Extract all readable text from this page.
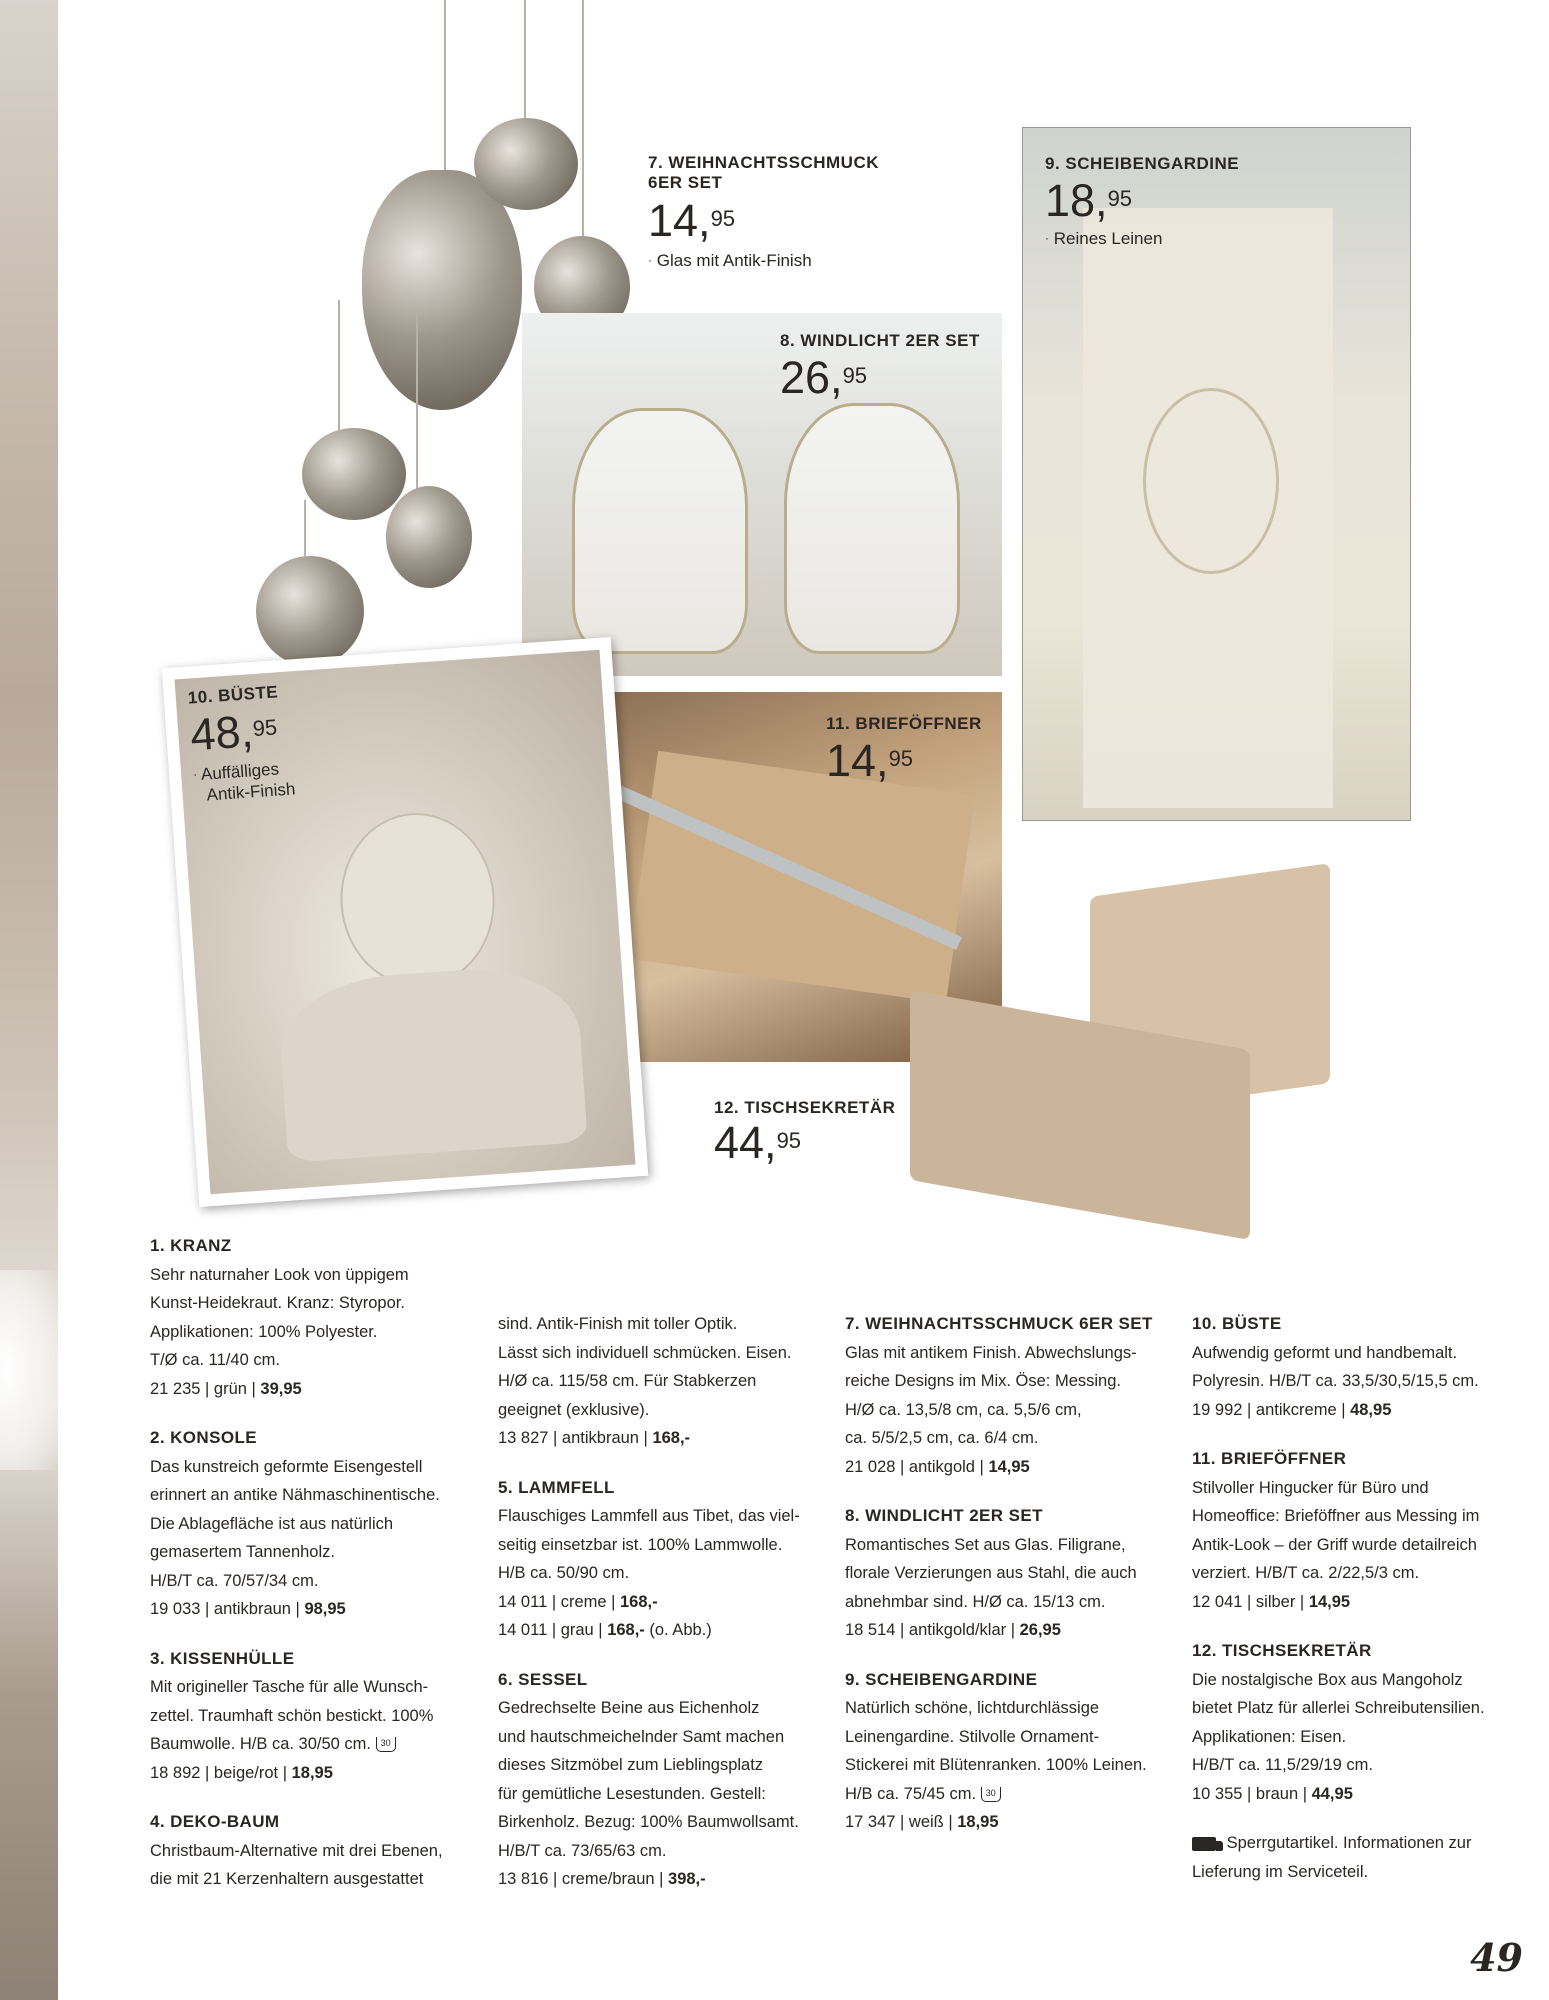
7. WEIHNACHTSSCHMUCK
6ER SET
14,95
· Glas mit Antik-Finish
8. WINDLICHT 2ER SET
26,95
9. SCHEIBENGARDINE
18,95
· Reines Leinen
11. BRIEFÖFFNER
14,95
10. BÜSTE
48,95
· Auffälliges
Antik-Finish
12. TISCHSEKRETÄR
44,95

1. KRANZ

Sehr naturnaher Look von üppigem

Kunst-Heidekraut. Kranz: Styropor.

Applikationen: 100% Polyester.

T/Ø ca. 11/40 cm.

21 235 | grün | 39,95

2. KONSOLE

Das kunstreich geformte Eisengestell

erinnert an antike Nähmaschinentische.

Die Ablagefläche ist aus natürlich

gemasertem Tannenholz.

H/B/T ca. 70/57/34 cm.

19 033 | antikbraun | 98,95

3. KISSENHÜLLE

Mit origineller Tasche für alle Wunsch-

zettel. Traumhaft schön bestickt. 100%

Baumwolle. H/B ca. 30/50 cm. 30

18 892 | beige/rot | 18,95

4. DEKO-BAUM

Christbaum-Alternative mit drei Ebenen,

die mit 21 Kerzenhaltern ausgestattet

sind. Antik-Finish mit toller Optik.

Lässt sich individuell schmücken. Eisen.

H/Ø ca. 115/58 cm. Für Stabkerzen

geeignet (exklusive).

13 827 | antikbraun | 168,-

5. LAMMFELL

Flauschiges Lammfell aus Tibet, das viel-

seitig einsetzbar ist. 100% Lammwolle.

H/B ca. 50/90 cm.

14 011 | creme | 168,-

14 011 | grau | 168,- (o. Abb.)

6. SESSEL

Gedrechselte Beine aus Eichenholz

und hautschmeichelnder Samt machen

dieses Sitzmöbel zum Lieblingsplatz

für gemütliche Lesestunden. Gestell:

Birkenholz. Bezug: 100% Baumwollsamt.

H/B/T ca. 73/65/63 cm.

13 816 | creme/braun | 398,-

7. WEIHNACHTSSCHMUCK 6ER SET

Glas mit antikem Finish. Abwechslungs-

reiche Designs im Mix. Öse: Messing.

H/Ø ca. 13,5/8 cm, ca. 5,5/6 cm,

ca. 5/5/2,5 cm, ca. 6/4 cm.

21 028 | antikgold | 14,95

8. WINDLICHT 2ER SET

Romantisches Set aus Glas. Filigrane,

florale Verzierungen aus Stahl, die auch

abnehmbar sind. H/Ø ca. 15/13 cm.

18 514 | antikgold/klar | 26,95

9. SCHEIBENGARDINE

Natürlich schöne, lichtdurchlässige

Leinengardine. Stilvolle Ornament-

Stickerei mit Blütenranken. 100% Leinen.

H/B ca. 75/45 cm. 30

17 347 | weiß | 18,95

10. BÜSTE

Aufwendig geformt und handbemalt.

Polyresin. H/B/T ca. 33,5/30,5/15,5 cm.

19 992 | antikcreme | 48,95

11. BRIEFÖFFNER

Stilvoller Hingucker für Büro und

Homeoffice: Brieföffner aus Messing im

Antik-Look – der Griff wurde detailreich

verziert. H/B/T ca. 2/22,5/3 cm.

12 041 | silber | 14,95

12. TISCHSEKRETÄR

Die nostalgische Box aus Mangoholz

bietet Platz für allerlei Schreibutensilien.

Applikationen: Eisen.

H/B/T ca. 11,5/29/19 cm.

10 355 | braun | 44,95

Sperrgutartikel. Informationen zur

Lieferung im Serviceteil.

49
